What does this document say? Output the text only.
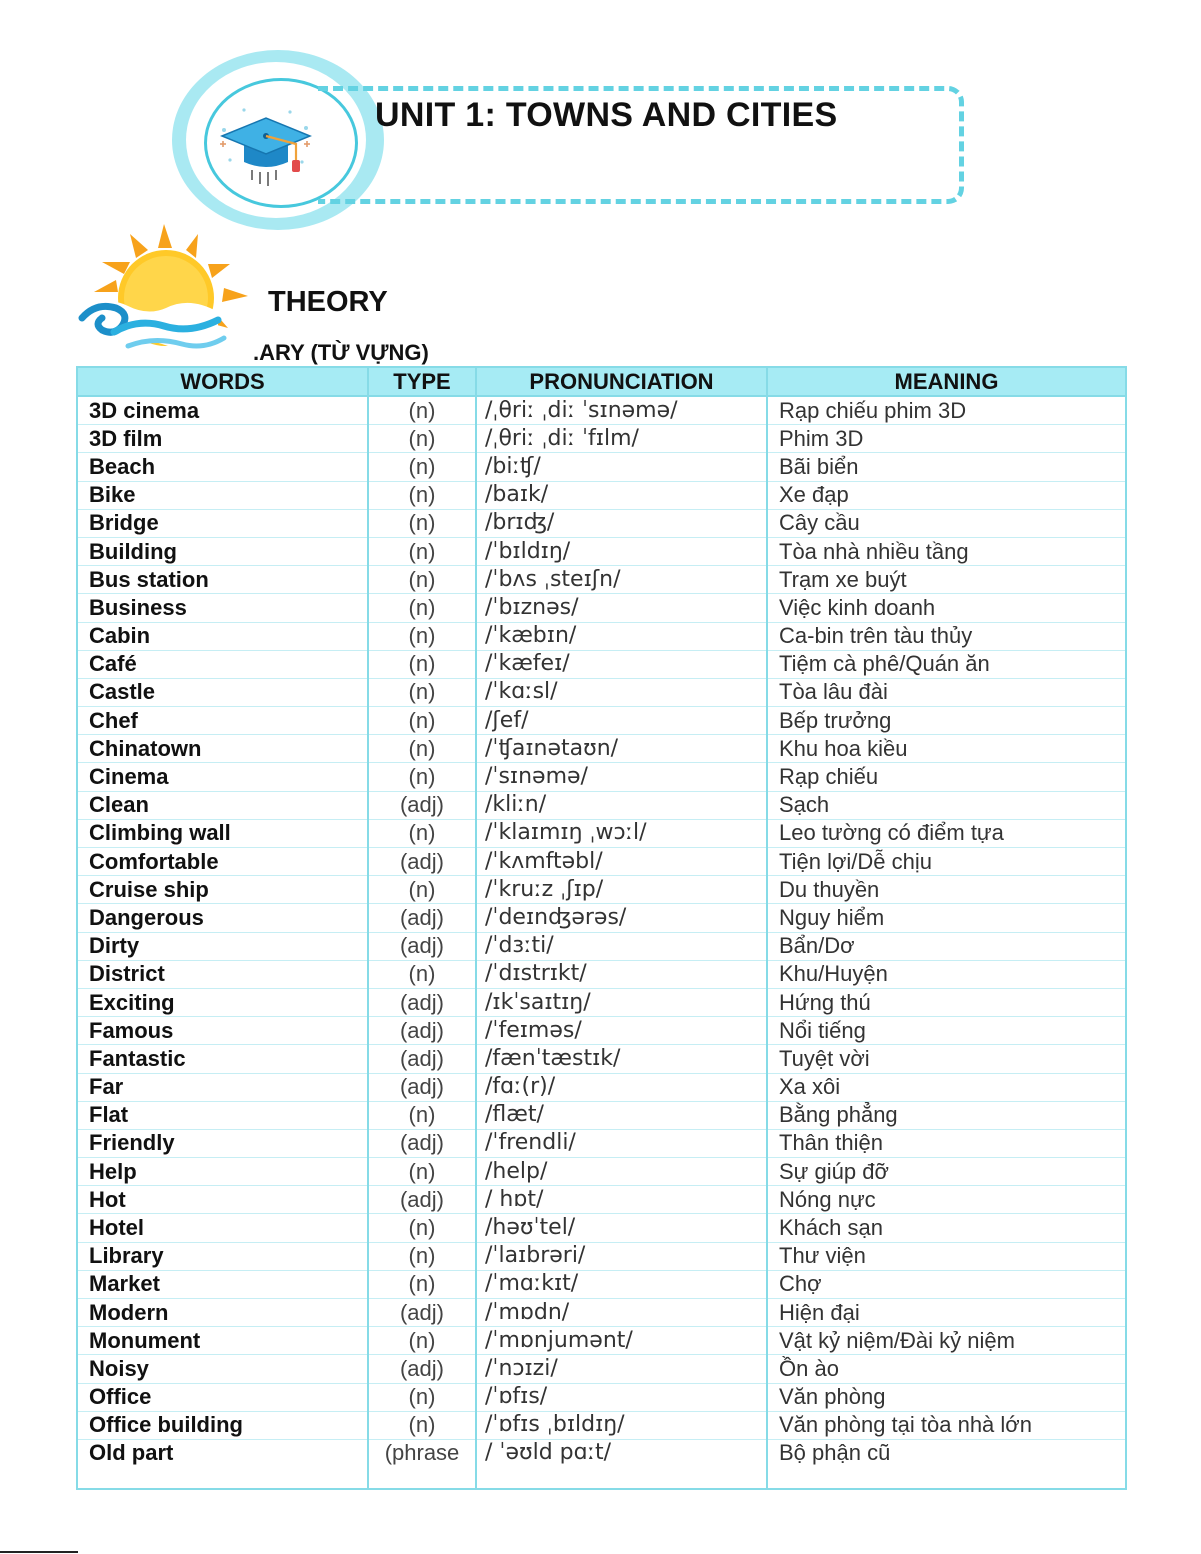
UNIT 1: TOWNS AND CITIES
THEORY
.ARY (TỪ VỰNG)
WORDS	TYPE	PRONUNCIATION	MEANING
3D cinema	(n)	/ˌθriː ˌdiː ˈsɪnəmə/	Rạp chiếu phim 3D
3D film	(n)	/ˌθriː ˌdiː ˈfɪlm/	Phim 3D
Beach	(n)	/biːʧ/	Bãi biển
Bike	(n)	/baɪk/	Xe đạp
Bridge	(n)	/brɪʤ/	Cây cầu
Building	(n)	/ˈbɪldɪŋ/	Tòa nhà nhiều tầng
Bus station	(n)	/ˈbʌs ˌsteɪʃn/	Trạm xe buýt
Business	(n)	/ˈbɪznəs/	Việc kinh doanh
Cabin	(n)	/ˈkæbɪn/	Ca-bin trên tàu thủy
Café	(n)	/ˈkæfeɪ/	Tiệm cà phê/Quán ăn
Castle	(n)	/ˈkɑːsl/	Tòa lâu đài
Chef	(n)	/ʃef/	Bếp trưởng
Chinatown	(n)	/ˈʧaɪnətaʊn/	Khu hoa kiều
Cinema	(n)	/ˈsɪnəmə/	Rạp chiếu
Clean	(adj)	/kliːn/	Sạch
Climbing wall	(n)	/ˈklaɪmɪŋ ˌwɔːl/	Leo tường có điểm tựa
Comfortable	(adj)	/ˈkʌmftəbl/	Tiện lợi/Dễ chịu
Cruise ship	(n)	/ˈkruːz ˌʃɪp/	Du thuyền
Dangerous	(adj)	/ˈdeɪnʤərəs/	Nguy hiểm
Dirty	(adj)	/ˈdɜːti/	Bẩn/Dơ
District	(n)	/ˈdɪstrɪkt/	Khu/Huyện
Exciting	(adj)	/ɪkˈsaɪtɪŋ/	Hứng thú
Famous	(adj)	/ˈfeɪməs/	Nổi tiếng
Fantastic	(adj)	/fænˈtæstɪk/	Tuyệt vời
Far	(adj)	/fɑː(r)/	Xa xôi
Flat	(n)	/flæt/	Bằng phẳng
Friendly	(adj)	/ˈfrendli/	Thân thiện
Help	(n)	/help/	Sự giúp đỡ
Hot	(adj)	/ hɒt/	Nóng nực
Hotel	(n)	/həʊˈtel/	Khách sạn
Library	(n)	/ˈlaɪbrəri/	Thư viện
Market	(n)	/ˈmɑːkɪt/	Chợ
Modern	(adj)	/ˈmɒdn/	Hiện đại
Monument	(n)	/ˈmɒnjumənt/	Vật kỷ niệm/Đài kỷ niệm
Noisy	(adj)	/ˈnɔɪzi/	Ồn ào
Office	(n)	/ˈɒfɪs/	Văn phòng
Office building	(n)	/ˈɒfɪs ˌbɪldɪŋ/	Văn phòng tại tòa nhà lớn
Old part	(phrase	/ ˈəʊld pɑːt/	Bộ phận cũ
